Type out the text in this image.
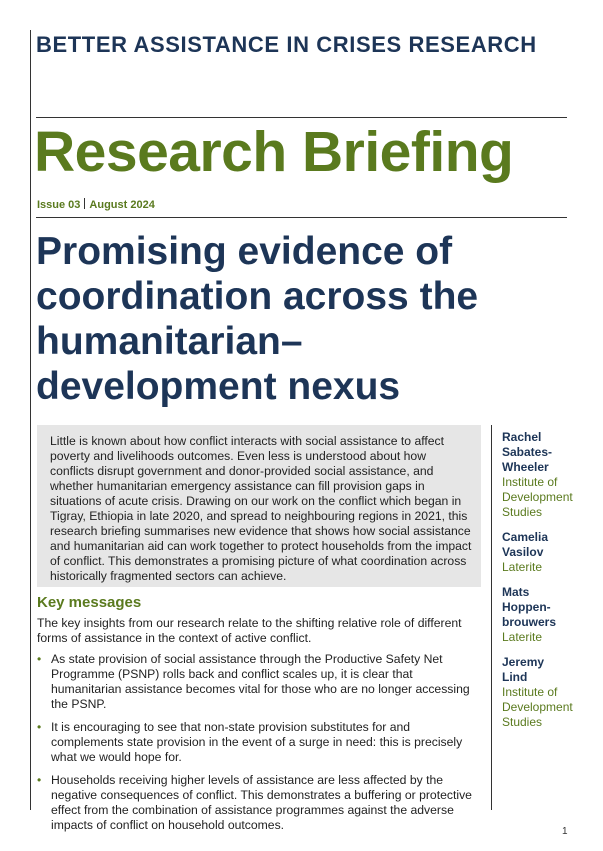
BETTER ASSISTANCE IN CRISES RESEARCH
Research Briefing
Issue 03 August 2024
Promising evidence of coordination across the humanitarian–development nexus

Little is known about how conflict interacts with social assistance to affect poverty and livelihoods outcomes. Even less is understood about how conflicts disrupt government and donor-provided social assistance, and whether humanitarian emergency assistance can fill provision gaps in situations of acute crisis. Drawing on our work on the conflict which began in Tigray, Ethiopia in late 2020, and spread to neighbouring regions in 2021, this research briefing summarises new evidence that shows how social assistance and humanitarian aid can work together to protect households from the impact of conflict. This demonstrates a promising picture of what coordination across historically fragmented sectors can achieve.

Rachel
Sabates-
Wheeler
Institute of
Development
Studies
Camelia
Vasilov
Laterite
Mats
Hoppen-
brouwers
Laterite
Jeremy
Lind
Institute of
Development
Studies
Key messages

The key insights from our research relate to the shifting relative role of different forms of assistance in the context of active conflict.

• As state provision of social assistance through the Productive Safety Net Programme (PSNP) rolls back and conflict scales up, it is clear that humanitarian assistance becomes vital for those who are no longer accessing the PSNP.
• It is encouraging to see that non-state provision substitutes for and complements state provision in the event of a surge in need: this is precisely what we would hope for.
• Households receiving higher levels of assistance are less affected by the negative consequences of conflict. This demonstrates a buffering or protective effect from the combination of assistance programmes against the adverse impacts of conflict on household outcomes.	1
